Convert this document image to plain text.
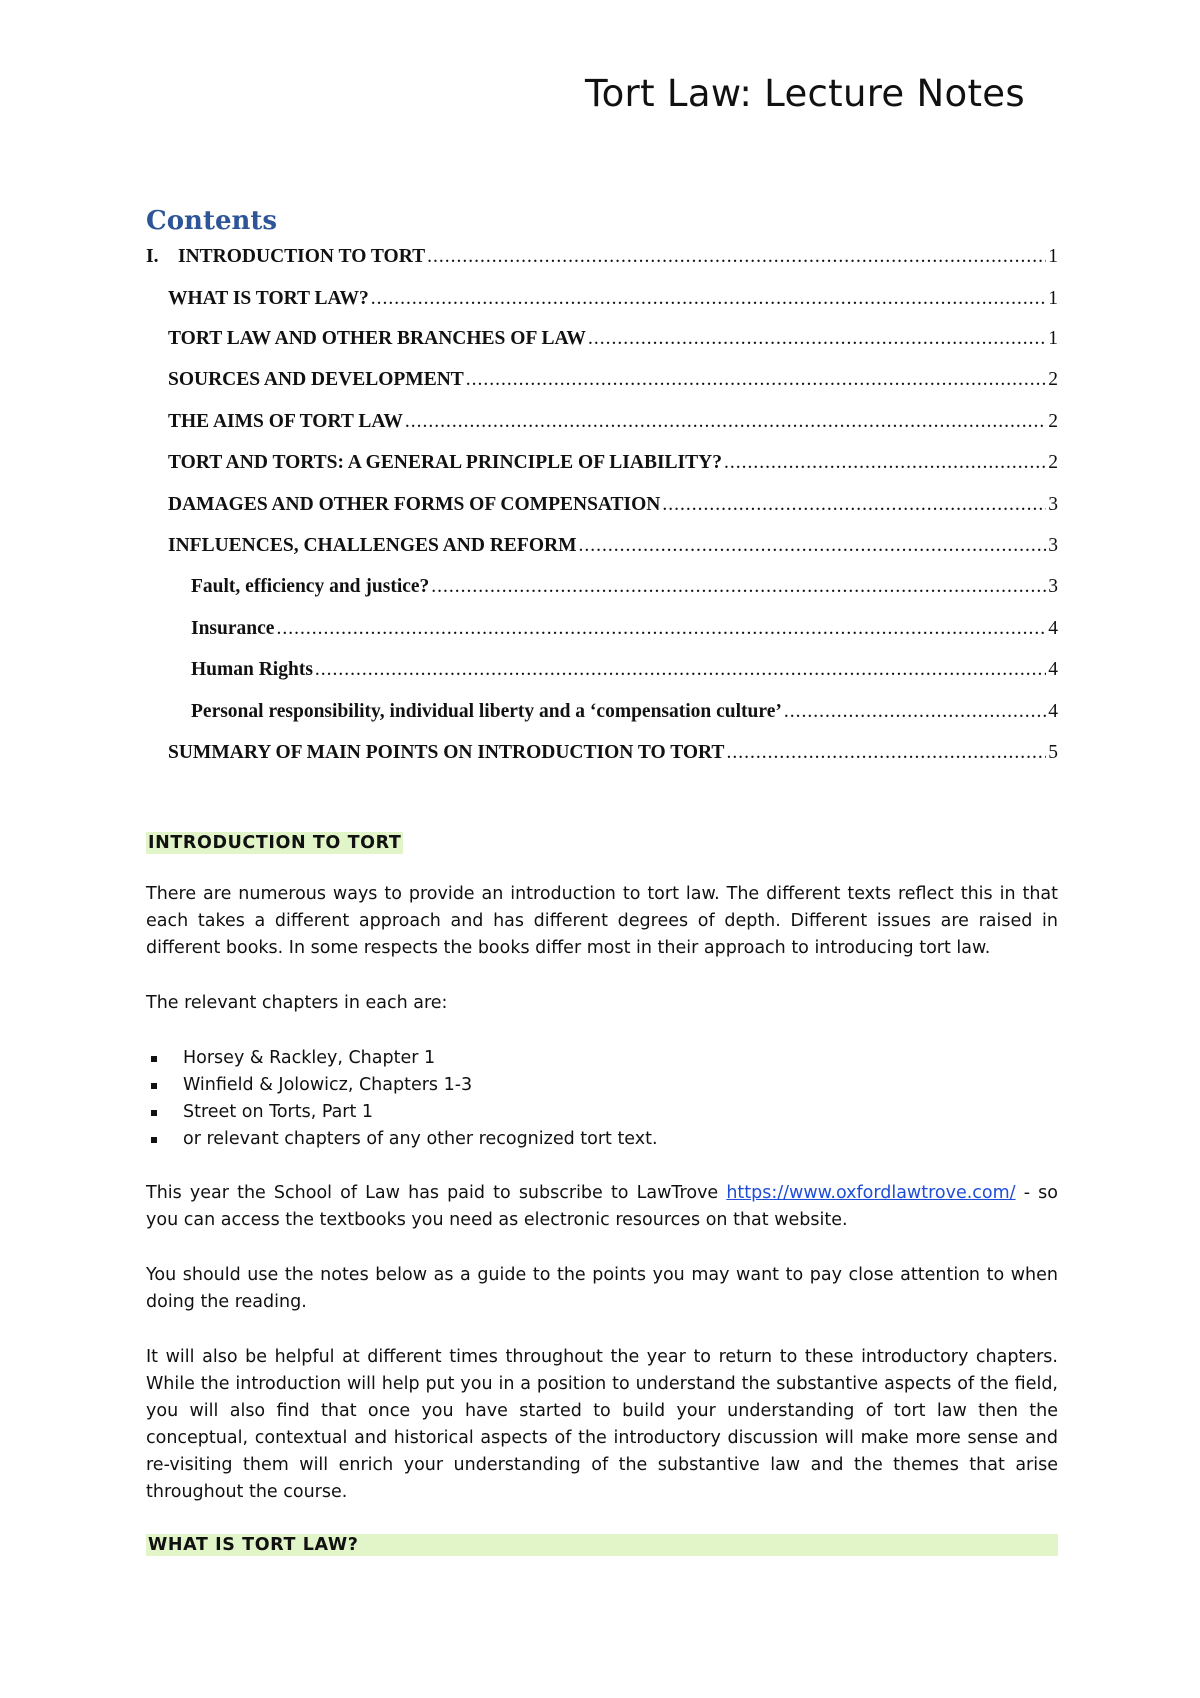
Tort Law: Lecture Notes
Contents
I. INTRODUCTION TO TORT .....	1
WHAT IS TORT LAW? .....	1
TORT LAW AND OTHER BRANCHES OF LAW .....	1
SOURCES AND DEVELOPMENT .....	2
THE AIMS OF TORT LAW .....	2
TORT AND TORTS: A GENERAL PRINCIPLE OF LIABILITY? .....	2
DAMAGES AND OTHER FORMS OF COMPENSATION .....	3
INFLUENCES, CHALLENGES AND REFORM .....	3
Fault, efficiency and justice? .....	3
Insurance .....	4
Human Rights .....	4
Personal responsibility, individual liberty and a ‘compensation culture’ .....	4
SUMMARY OF MAIN POINTS ON INTRODUCTION TO TORT .....	5
INTRODUCTION TO TORT

There are numerous ways to provide an introduction to tort law. The different texts reflect this in that each takes a different approach and has different degrees of depth. Different issues are raised in different books. In some respects the books differ most in their approach to introducing tort law.

The relevant chapters in each are:

Horsey & Rackley, Chapter 1
Winfield & Jolowicz, Chapters 1-3
Street on Torts, Part 1
or relevant chapters of any other recognized tort text.

This year the School of Law has paid to subscribe to LawTrove https://www.oxfordlawtrove.com/ - so you can access the textbooks you need as electronic resources on that website.

You should use the notes below as a guide to the points you may want to pay close attention to when doing the reading.

It will also be helpful at different times throughout the year to return to these introductory chapters. While the introduction will help put you in a position to understand the substantive aspects of the field, you will also find that once you have started to build your understanding of tort law then the conceptual, contextual and historical aspects of the introductory discussion will make more sense and re-visiting them will enrich your understanding of the substantive law and the themes that arise throughout the course.

WHAT IS TORT LAW?
